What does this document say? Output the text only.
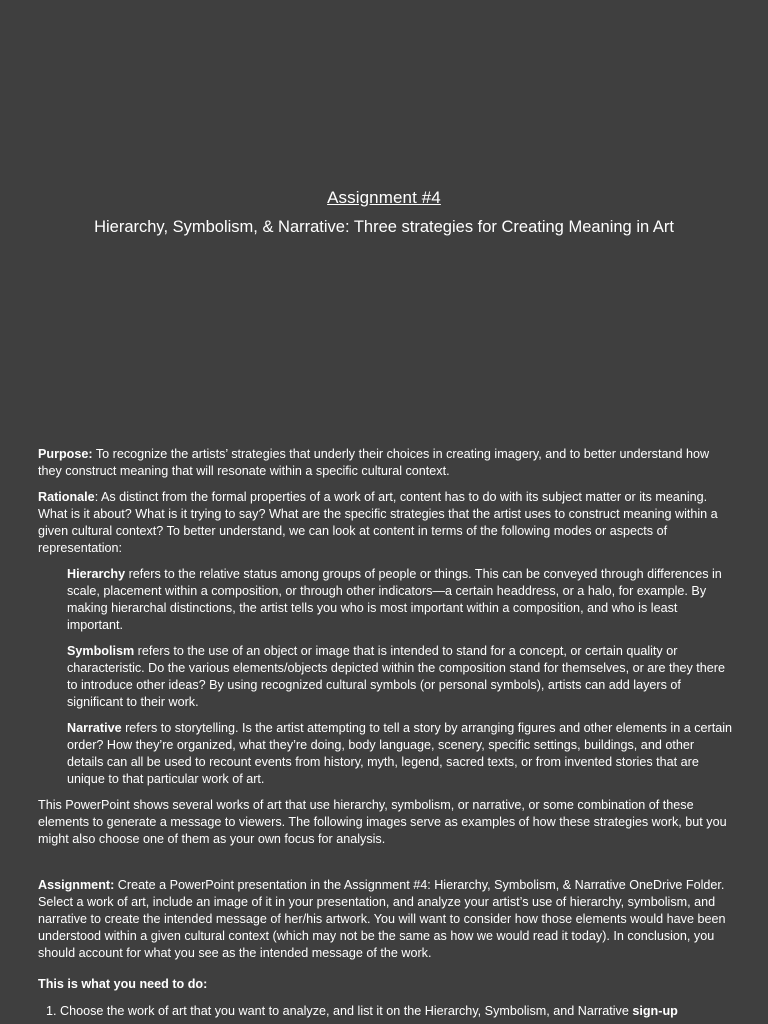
Assignment #4

Hierarchy, Symbolism, & Narrative: Three strategies for Creating Meaning in Art

Purpose: To recognize the artists’ strategies that underly their choices in creating imagery, and to better understand how they construct meaning that will resonate within a specific cultural context.

Rationale: As distinct from the formal properties of a work of art, content has to do with its subject matter or its meaning. What is it about? What is it trying to say? What are the specific strategies that the artist uses to construct meaning within a given cultural context? To better understand, we can look at content in terms of the following modes or aspects of representation:

Hierarchy refers to the relative status among groups of people or things. This can be conveyed through differences in scale, placement within a composition, or through other indicators—a certain headdress, or a halo, for example. By making hierarchal distinctions, the artist tells you who is most important within a composition, and who is least important.

Symbolism refers to the use of an object or image that is intended to stand for a concept, or certain quality or characteristic. Do the various elements/objects depicted within the composition stand for themselves, or are they there to introduce other ideas? By using recognized cultural symbols (or personal symbols), artists can add layers of significant to their work.

Narrative refers to storytelling. Is the artist attempting to tell a story by arranging figures and other elements in a certain order? How they’re organized, what they’re doing, body language, scenery, specific settings, buildings, and other details can all be used to recount events from history, myth, legend, sacred texts, or from invented stories that are unique to that particular work of art.

This PowerPoint shows several works of art that use hierarchy, symbolism, or narrative, or some combination of these elements to generate a message to viewers. The following images serve as examples of how these strategies work, but you might also choose one of them as your own focus for analysis.

Assignment: Create a PowerPoint presentation in the Assignment #4: Hierarchy, Symbolism, & Narrative OneDrive Folder. Select a work of art, include an image of it in your presentation, and analyze your artist’s use of hierarchy, symbolism, and narrative to create the intended message of her/his artwork. You will want to consider how those elements would have been understood within a given cultural context (which may not be the same as how we would read it today). In conclusion, you should account for what you see as the intended message of the work.

This is what you need to do:

1. Choose the work of art that you want to analyze, and list it on the Hierarchy, Symbolism, and Narrative sign-up
